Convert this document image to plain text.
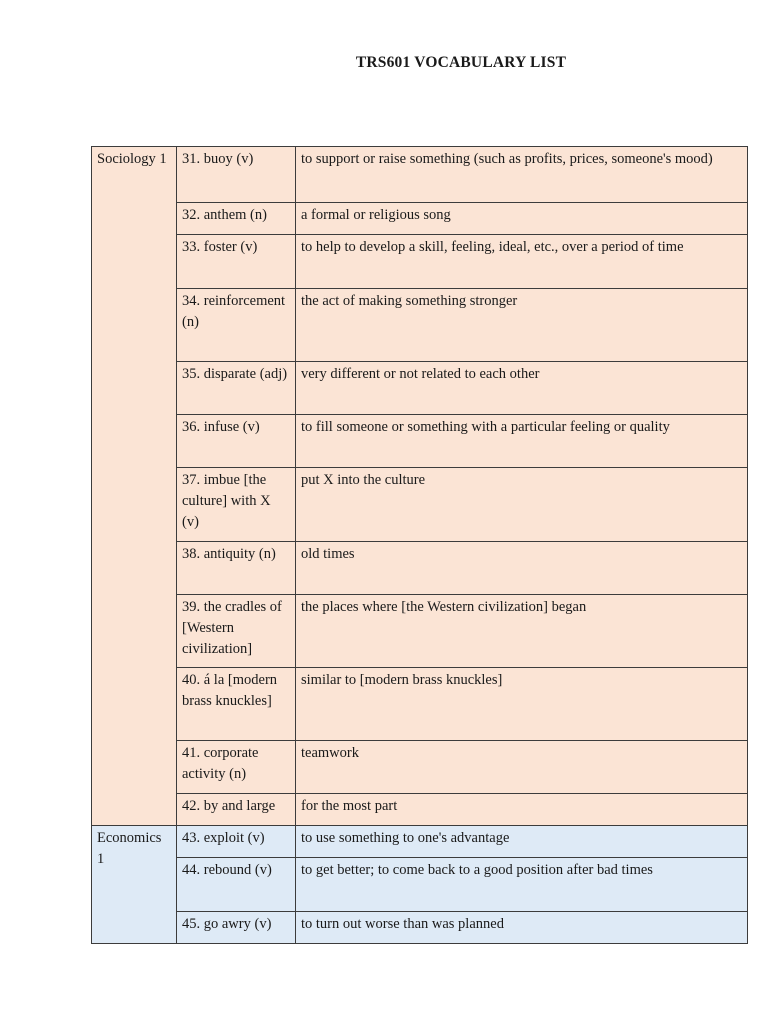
TRS601 VOCABULARY LIST
Sociology 1	31. buoy (v)	to support or raise something (such as profits, prices, someone's mood)
	32. anthem (n)	a formal or religious song
	33. foster (v)	to help to develop a skill, feeling, ideal, etc., over a period of time
	34. reinforcement (n)	the act of making something stronger
	35. disparate (adj)	very different or not related to each other
	36. infuse (v)	to fill someone or something with a particular feeling or quality
	37. imbue [the culture] with X (v)	put X into the culture
	38. antiquity (n)	old times
	39. the cradles of [Western civilization]	the places where [the Western civilization] began
	40. á la [modern brass knuckles]	similar to [modern brass knuckles]
	41. corporate activity (n)	teamwork
	42. by and large	for the most part
Economics 1	43. exploit (v)	to use something to one's advantage
	44. rebound (v)	to get better; to come back to a good position after bad times
	45. go awry (v)	to turn out worse than was planned
